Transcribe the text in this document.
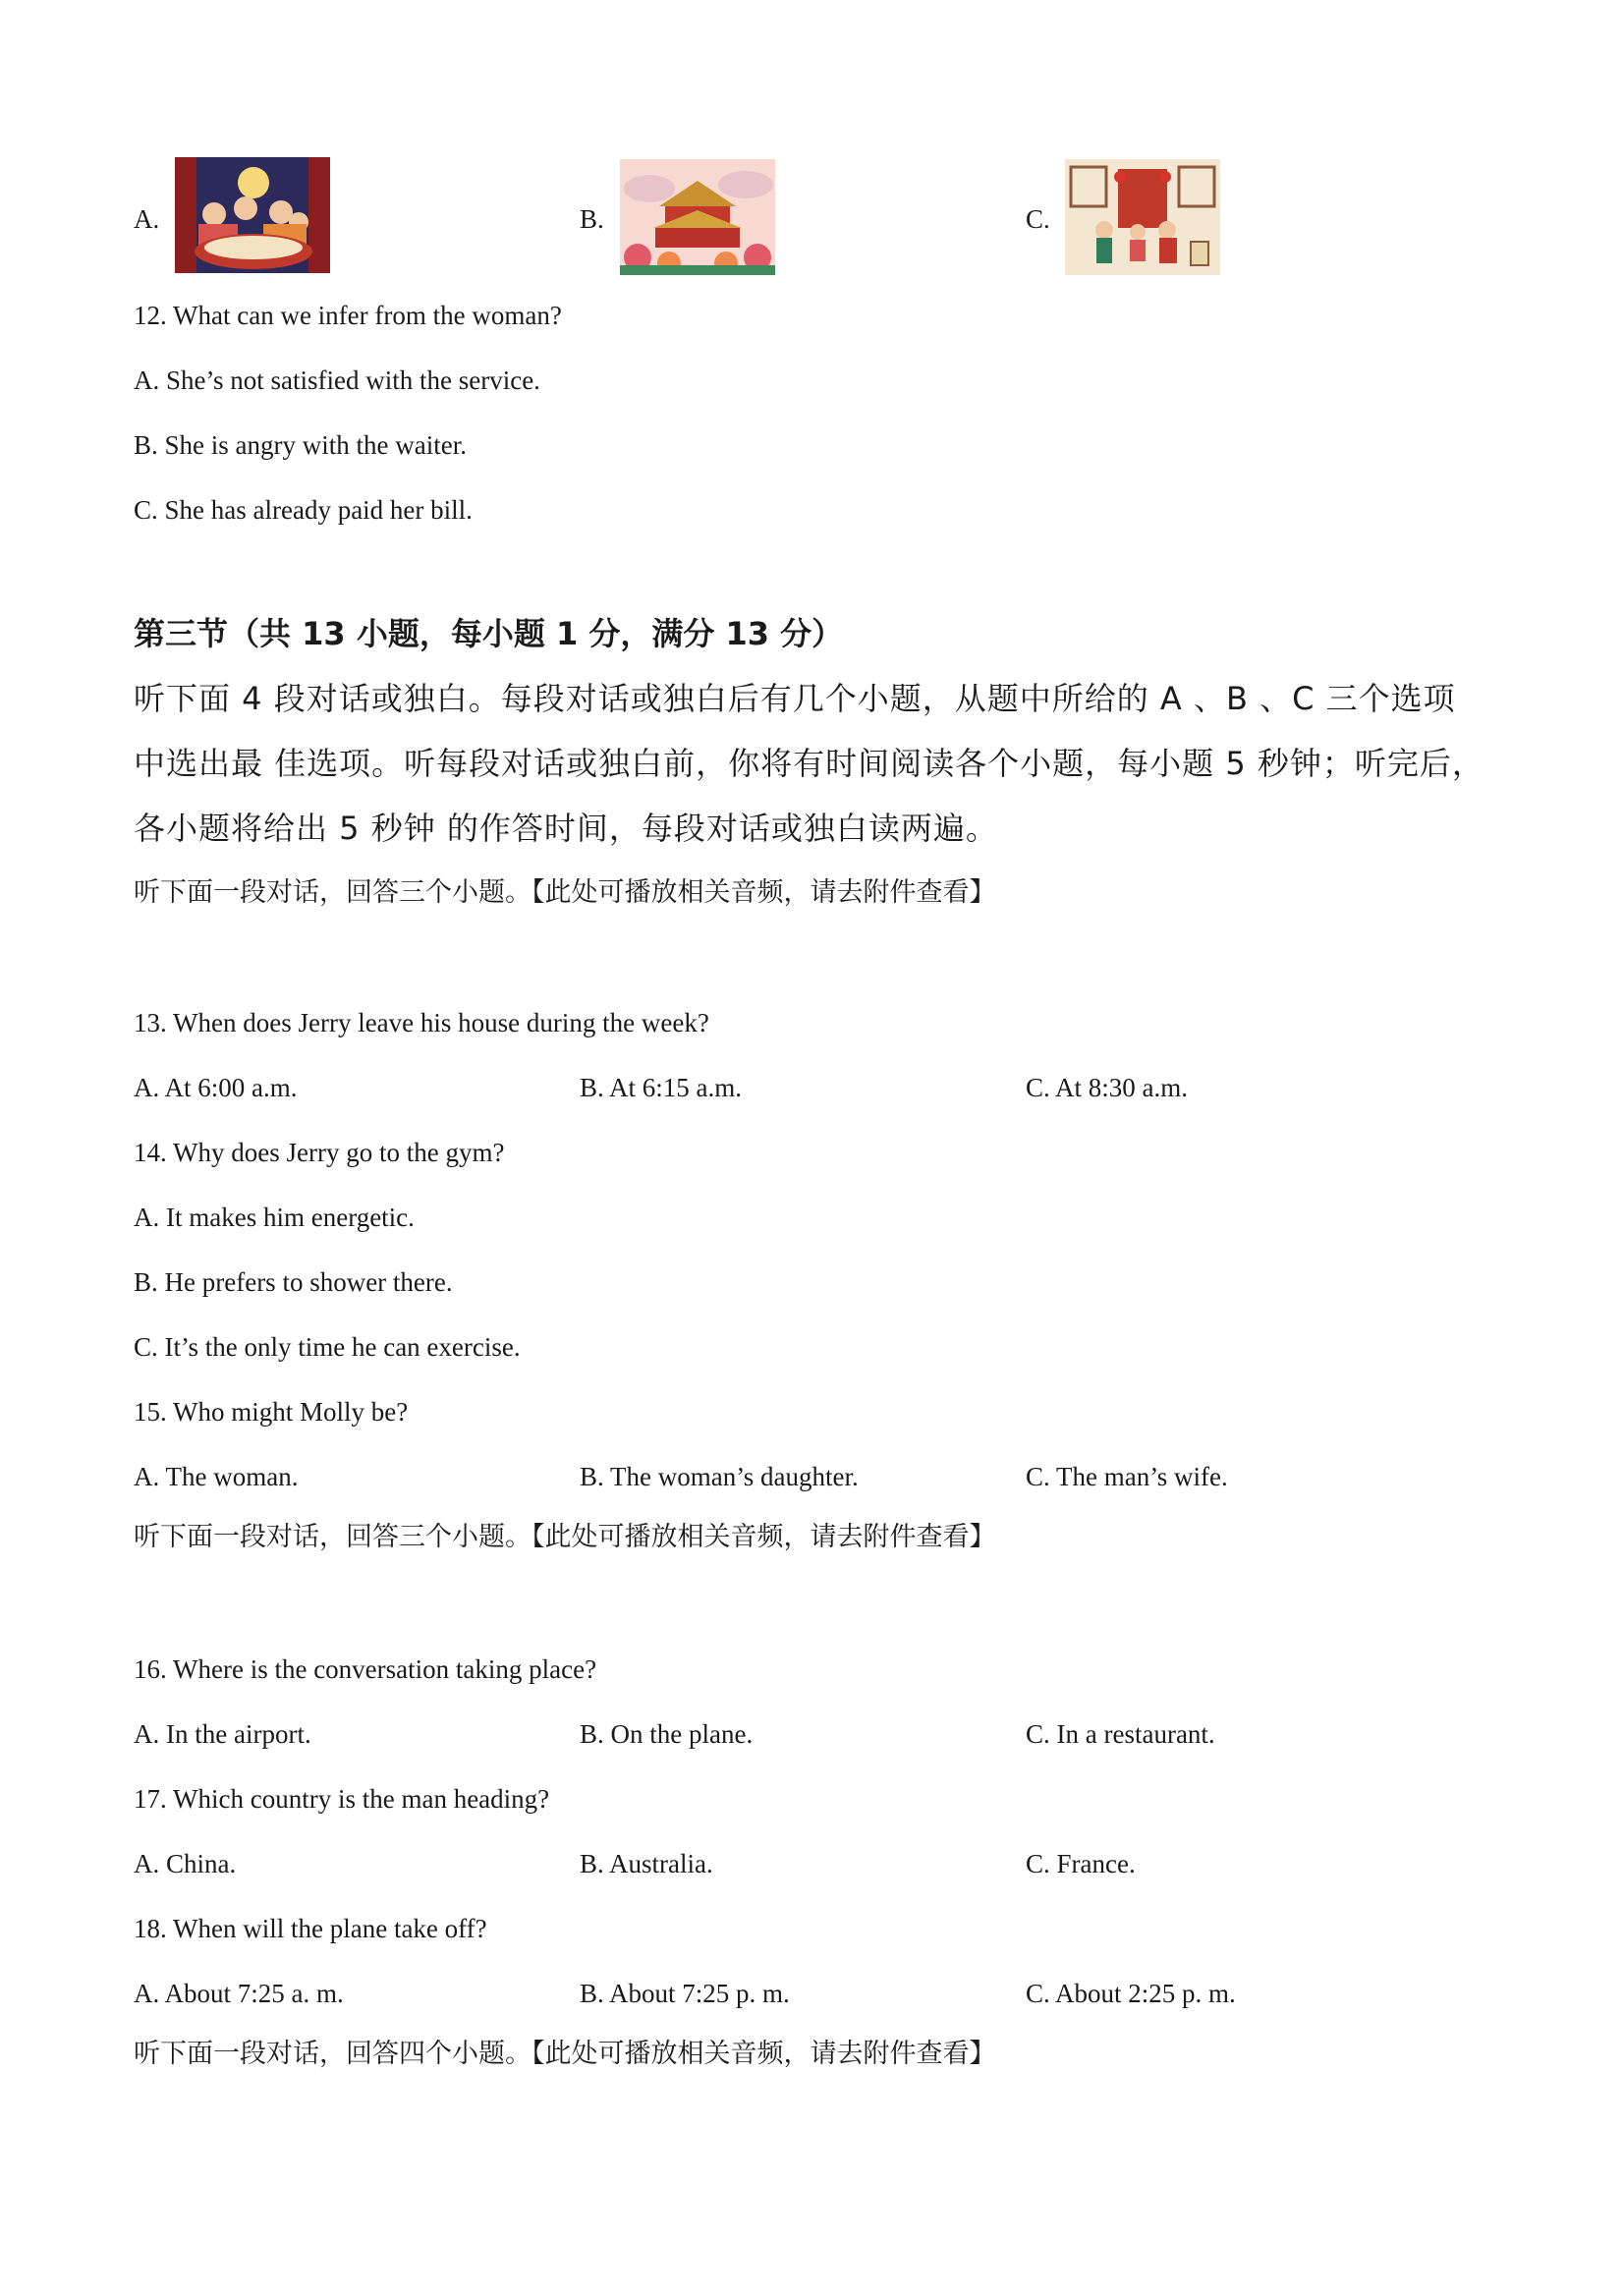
A.	B.	C.
12. What can we infer from the woman?
A. She’s not satisfied with the service.
B. She is angry with the waiter.
C. She has already paid her bill.
第三节（共 13 小题，每小题 1 分，满分 13 分）
听下面 4 段对话或独白。每段对话或独白后有几个小题，从题中所给的 A 、B 、C 三个选项
中选出最 佳选项。听每段对话或独白前，你将有时间阅读各个小题，每小题 5 秒钟；听完后，
各小题将给出 5 秒钟 的作答时间，每段对话或独白读两遍。
听下面一段对话，回答三个小题。【此处可播放相关音频，请去附件查看】
13. When does Jerry leave his house during the week?
A. At 6:00 a.m.	B. At 6:15 a.m.	C. At 8:30 a.m.
14. Why does Jerry go to the gym?
A. It makes him energetic.
B. He prefers to shower there.
C. It’s the only time he can exercise.
15. Who might Molly be?
A. The woman.	B. The woman’s daughter.	C. The man’s wife.
听下面一段对话，回答三个小题。【此处可播放相关音频，请去附件查看】
16. Where is the conversation taking place?
A. In the airport.	B. On the plane.	C. In a restaurant.
17. Which country is the man heading?
A. China.	B. Australia.	C. France.
18. When will the plane take off?
A. About 7:25 a. m.	B. About 7:25 p. m.	C. About 2:25 p. m.
听下面一段对话，回答四个小题。【此处可播放相关音频，请去附件查看】
